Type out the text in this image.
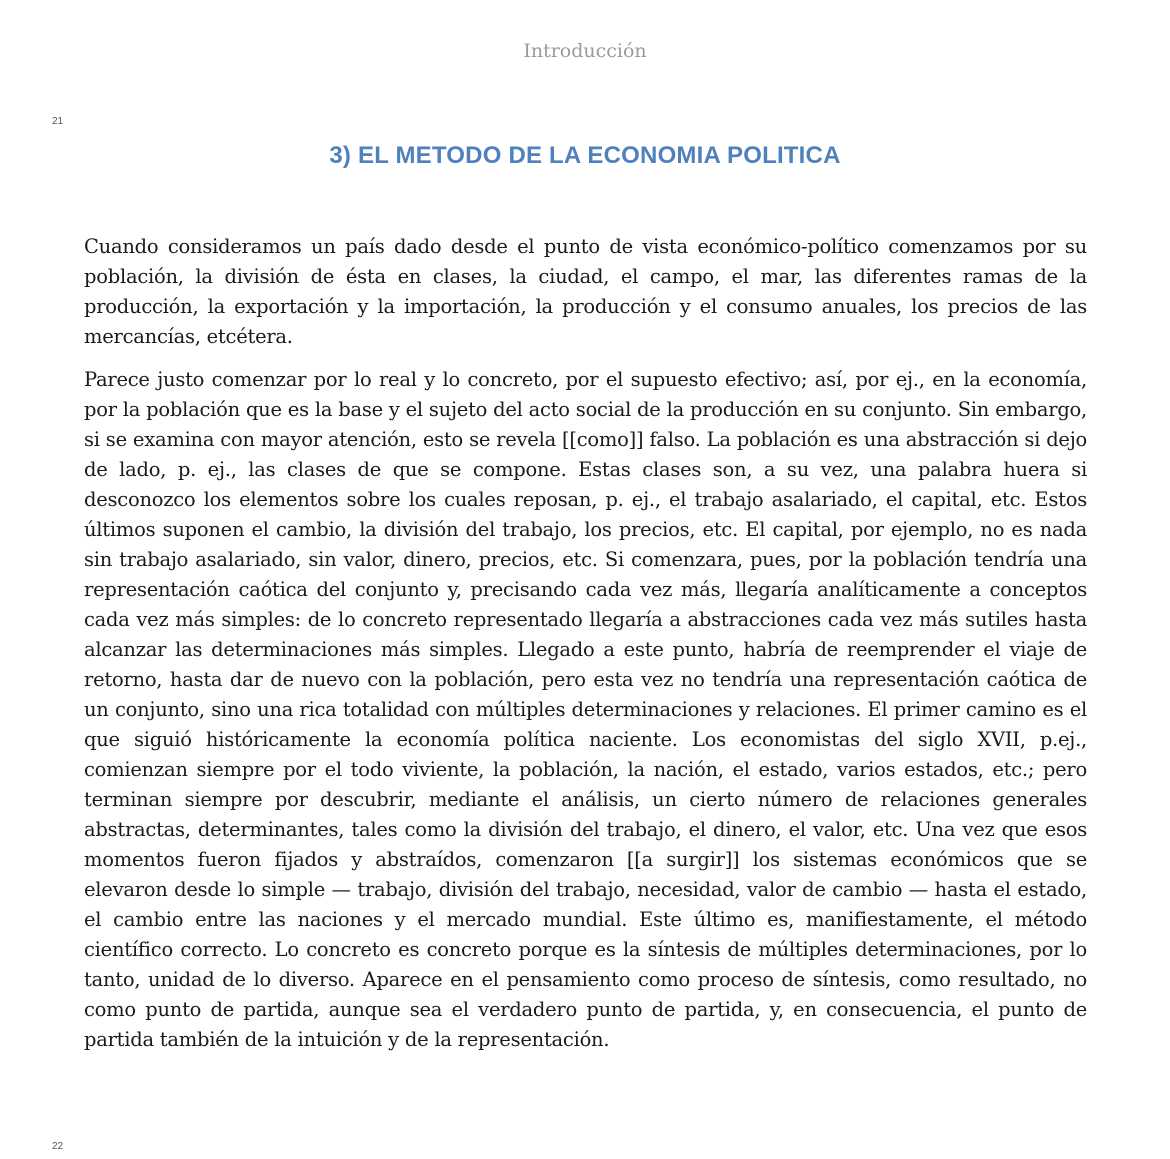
Introducción
21
3) EL METODO DE LA ECONOMIA POLITICA

Cuando consideramos un país dado desde el punto de vista económico-político comenzamos por su población, la división de ésta en clases, la ciudad, el campo, el mar, las diferentes ramas de la producción, la exportación y la importación, la producción y el consumo anuales, los precios de las mercancías, etcétera.

Parece justo comenzar por lo real y lo concreto, por el supuesto efectivo; así, por ej., en la economía, por la población que es la base y el sujeto del acto social de la producción en su conjunto. Sin embargo, si se examina con mayor atención, esto se revela [[como]] falso. La población es una abstracción si dejo de lado, p. ej., las clases de que se compone. Estas clases son, a su vez, una palabra huera si desconozco los elementos sobre los cuales reposan, p. ej., el trabajo asalariado, el capital, etc. Estos últimos suponen el cambio, la división del trabajo, los precios, etc. El capital, por ejemplo, no es nada sin trabajo asalariado, sin valor, dinero, precios, etc. Si comenzara, pues, por la población tendría una representación caótica del conjunto y, precisando cada vez más, llegaría analíticamente a conceptos cada vez más simples: de lo concreto representado llegaría a abstracciones cada vez más sutiles hasta alcanzar las determinaciones más simples. Llegado a este punto, habría de reemprender el viaje de retorno, hasta dar de nuevo con la población, pero esta vez no tendría una representación caótica de un conjunto, sino una rica totalidad con múltiples determinaciones y relaciones. El primer camino es el que siguió históricamente la economía política naciente. Los economistas del siglo XVII, p.ej., comienzan siempre por el todo viviente, la población, la nación, el estado, varios estados, etc.; pero terminan siempre por descubrir, mediante el análisis, un cierto número de relaciones generales abstractas, determinantes, tales como la división del trabajo, el dinero, el valor, etc. Una vez que esos momentos fueron fijados y abstraídos, comenzaron [[a surgir]] los sistemas económicos que se elevaron desde lo simple — trabajo, división del trabajo, necesidad, valor de cambio — hasta el estado, el cambio entre las naciones y el mercado mundial. Este último es, manifiestamente, el método científico correcto. Lo concreto es concreto porque es la síntesis de múltiples determinaciones, por lo tanto, unidad de lo diverso. Aparece en el pensamiento como proceso de síntesis, como resultado, no como punto de partida, aunque sea el verdadero punto de partida, y, en consecuencia, el punto de partida también de la intuición y de la representación.

22
